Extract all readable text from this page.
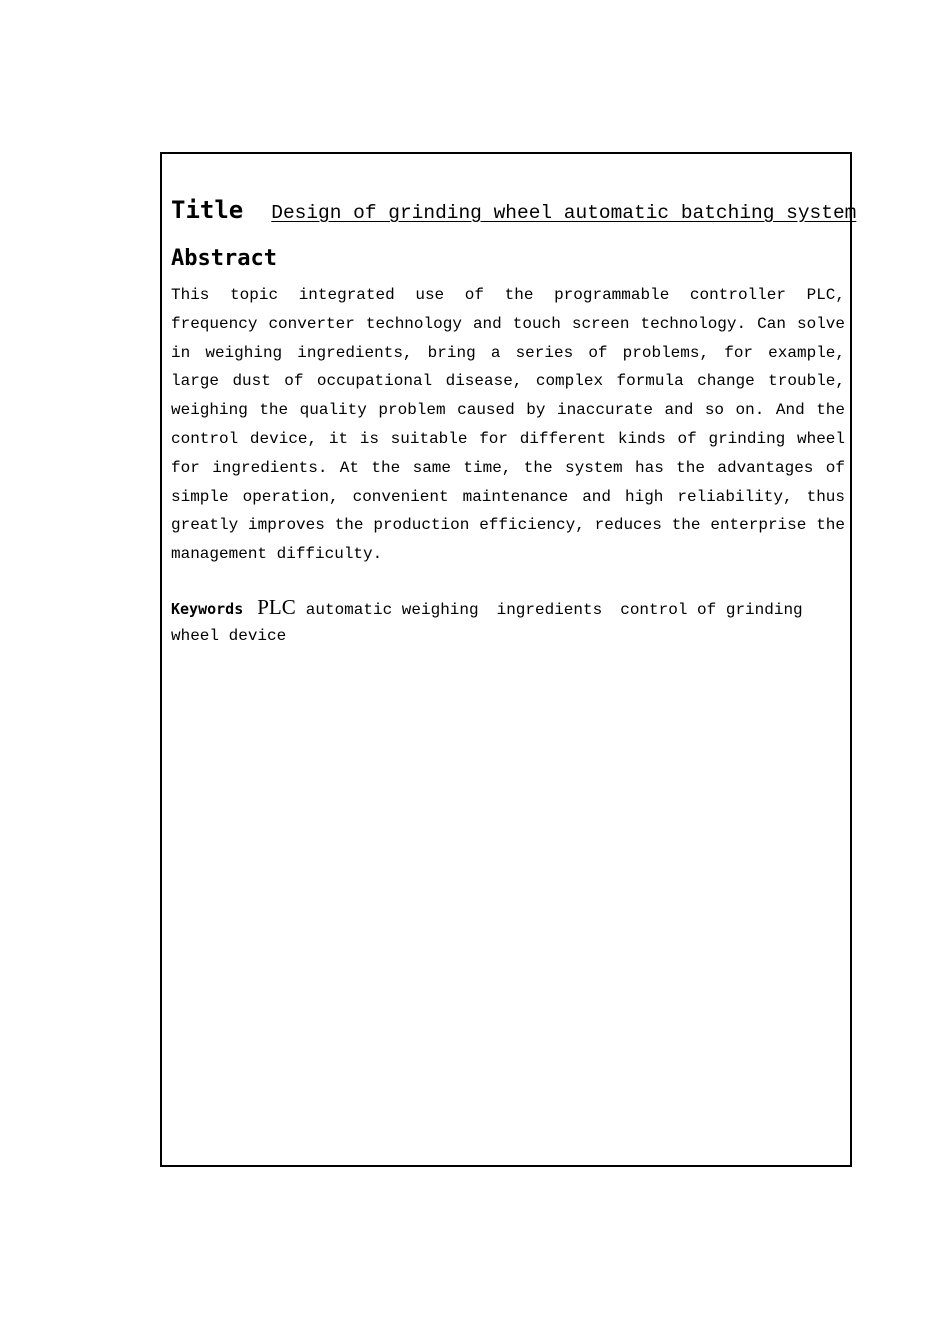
Title Design of grinding wheel automatic batching system
Abstract

This topic integrated use of the programmable controller PLC, frequency converter technology and touch screen technology. Can solve in weighing ingredients, bring a series of problems, for example, large dust of occupational disease, complex formula change trouble, weighing the quality problem caused by inaccurate and so on. And the control device, it is suitable for different kinds of grinding wheel for ingredients. At the same time, the system has the advantages of simple operation, convenient maintenance and high reliability, thus greatly improves the production efficiency, reduces the enterprise the management difficulty.

Keywords PLC automatic weighing ingredients control of grinding wheel device
